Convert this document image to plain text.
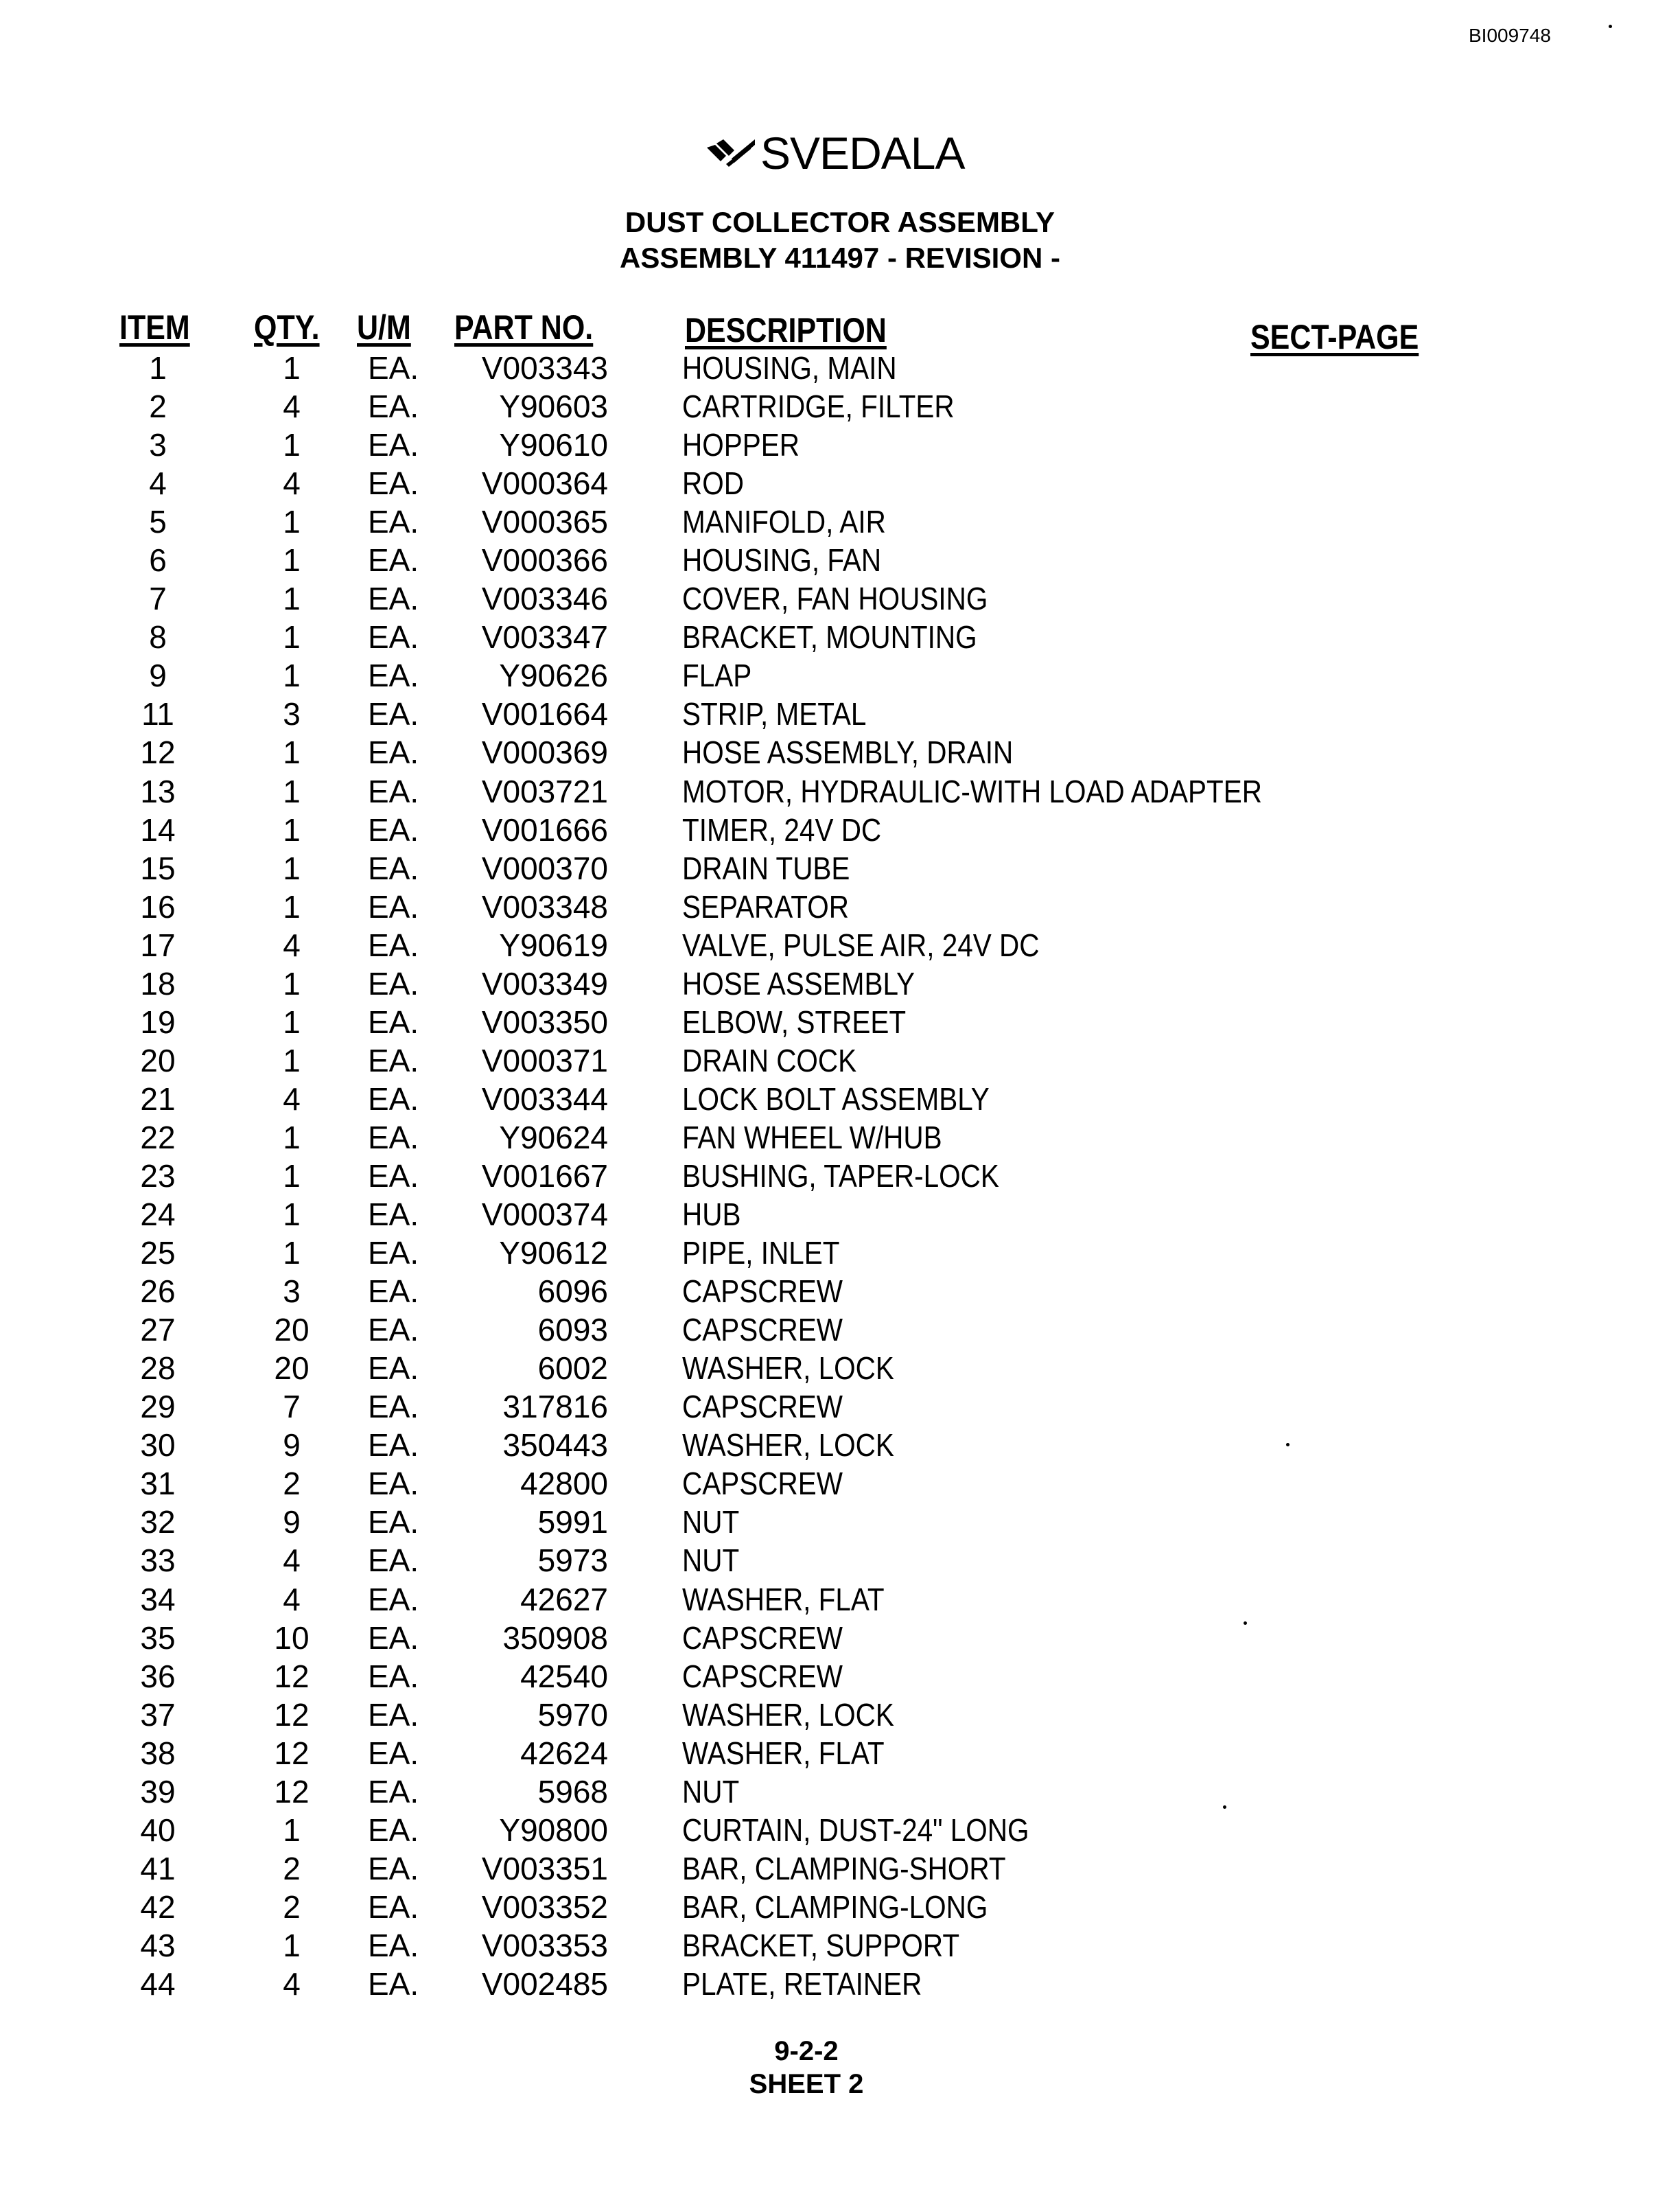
BI009748
SVEDALA
DUST COLLECTOR ASSEMBLY
ASSEMBLY 411497 - REVISION -
ITEM QTY. U/M PART NO.	DESCRIPTION	SECT-PAGE
1	1	EA.	V003343 HOUSING, MAIN
2	4	EA.	Y90603 CARTRIDGE, FILTER
3	1	EA.	Y90610 HOPPER
4	4	EA.	V000364 ROD
5	1	EA.	V000365 MANIFOLD, AIR
6	1	EA.	V000366 HOUSING, FAN
7	1	EA.	V003346 COVER, FAN HOUSING
8	1	EA.	V003347 BRACKET, MOUNTING
9	1	EA.	Y90626 FLAP
11	3	EA.	V001664 STRIP, METAL
12	1	EA.	V000369 HOSE ASSEMBLY, DRAIN
13	1	EA.	V003721 MOTOR, HYDRAULIC-WITH LOAD ADAPTER
14	1	EA.	V001666 TIMER, 24V DC
15	1	EA.	V000370 DRAIN TUBE
16	1	EA.	V003348 SEPARATOR
17	4	EA.	Y90619 VALVE, PULSE AIR, 24V DC
18	1	EA.	V003349 HOSE ASSEMBLY
19	1	EA.	V003350 ELBOW, STREET
20	1	EA.	V000371 DRAIN COCK
21	4	EA.	V003344 LOCK BOLT ASSEMBLY
22	1	EA.	Y90624 FAN WHEEL W/HUB
23	1	EA.	V001667 BUSHING, TAPER-LOCK
24	1	EA.	V000374 HUB
25	1	EA.	Y90612 PIPE, INLET
26	3	EA.	6096 CAPSCREW
27	20	EA.	6093 CAPSCREW
28	20	EA.	6002 WASHER, LOCK
29	7	EA.	317816 CAPSCREW
30	9	EA.	350443 WASHER, LOCK
31	2	EA.	42800 CAPSCREW
32	9	EA.	5991 NUT
33	4	EA.	5973 NUT
34	4	EA.	42627 WASHER, FLAT
35	10	EA.	350908 CAPSCREW
36	12	EA.	42540 CAPSCREW
37	12	EA.	5970 WASHER, LOCK
38	12	EA.	42624 WASHER, FLAT
39	12	EA.	5968 NUT
40	1	EA.	Y90800 CURTAIN, DUST-24" LONG
41	2	EA.	V003351 BAR, CLAMPING-SHORT
42	2	EA.	V003352 BAR, CLAMPING-LONG
43	1	EA.	V003353 BRACKET, SUPPORT
44	4	EA.	V002485 PLATE, RETAINER
9-2-2
SHEET 2
